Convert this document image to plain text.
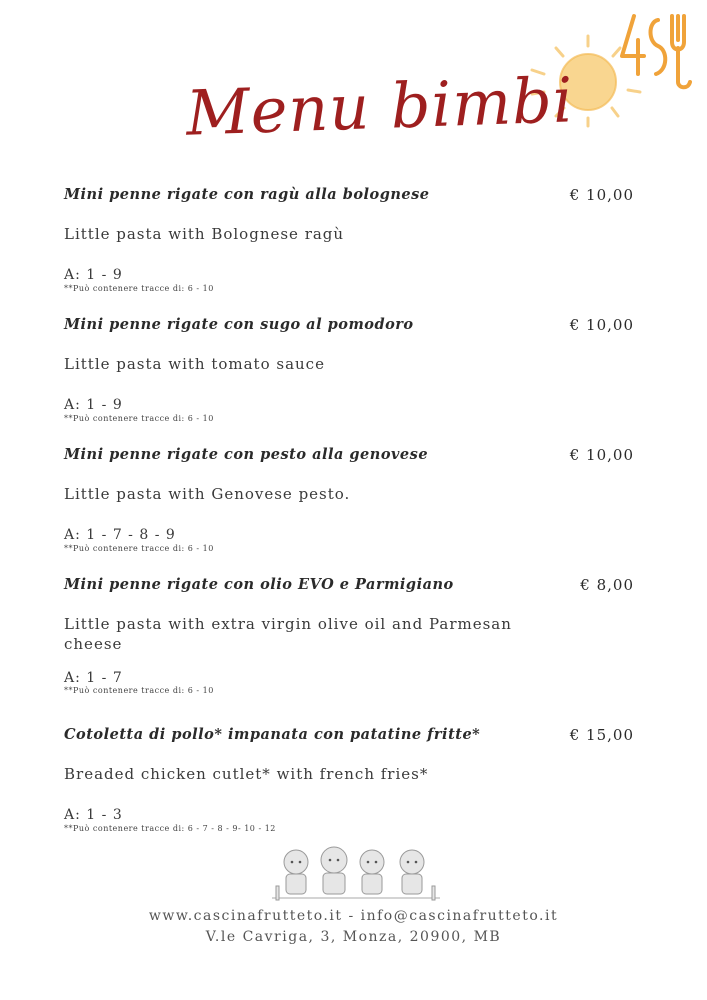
Menu bimbi
Mini penne rigate con ragù alla bolognese	€ 10,00
Little pasta with Bolognese ragù
A: 1 - 9
**Può contenere tracce di: 6 - 10
Mini penne rigate con sugo al pomodoro	€ 10,00
Little pasta with tomato sauce
A: 1 - 9
**Può contenere tracce di: 6 - 10
Mini penne rigate con pesto alla genovese	€ 10,00
Little pasta with Genovese pesto.
A: 1 - 7 - 8 - 9
**Può contenere tracce di: 6 - 10
Mini penne rigate con olio EVO e Parmigiano	€ 8,00
Little pasta with extra virgin olive oil and Parmesan cheese
A: 1 - 7
**Può contenere tracce di: 6 - 10
Cotoletta di pollo* impanata con patatine fritte*	€ 15,00
Breaded chicken cutlet* with french fries*
A: 1 - 3
**Può contenere tracce di: 6 - 7 - 8 - 9- 10 - 12
www.cascinafrutteto.it - info@cascinafrutteto.it
V.le Cavriga, 3, Monza, 20900, MB
